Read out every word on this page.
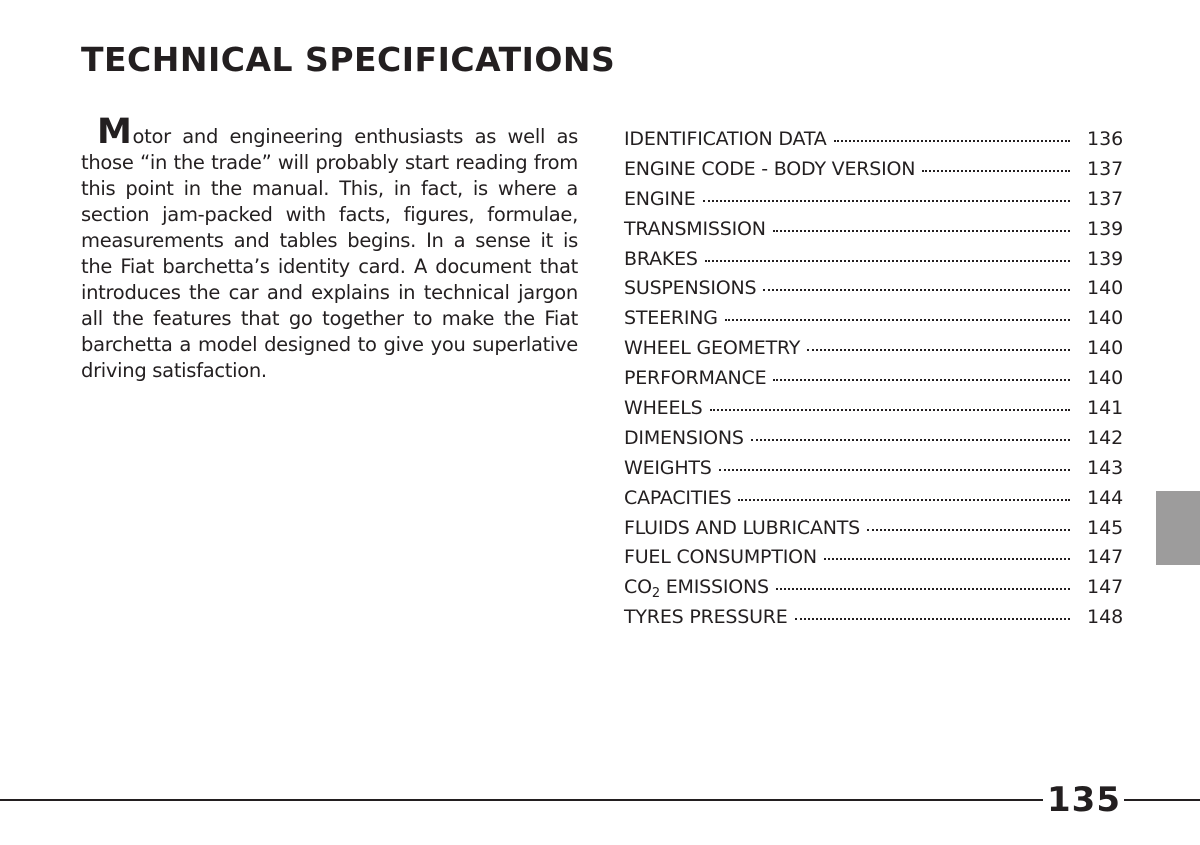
TECHNICAL SPECIFICATIONS

Motor and engineering enthusiasts as well as those “in the trade” will probably start reading from this point in the manual. This, in fact, is where a section jam-packed with facts, figures, formulae, measurements and tables begins. In a sense it is the Fiat barchetta’s identity card. A document that introduces the car and explains in technical jargon all the features that go together to make the Fiat barchetta a model designed to give you superlative driving satisfaction.

IDENTIFICATION DATA	136
ENGINE CODE - BODY VERSION	137
ENGINE	137
TRANSMISSION	139
BRAKES	139
SUSPENSIONS	140
STEERING	140
WHEEL GEOMETRY	140
PERFORMANCE	140
WHEELS	141
DIMENSIONS	142
WEIGHTS	143
CAPACITIES	144
FLUIDS AND LUBRICANTS	145
FUEL CONSUMPTION	147
$CO_2$ EMISSIONS	147
TYRES PRESSURE	148
135
